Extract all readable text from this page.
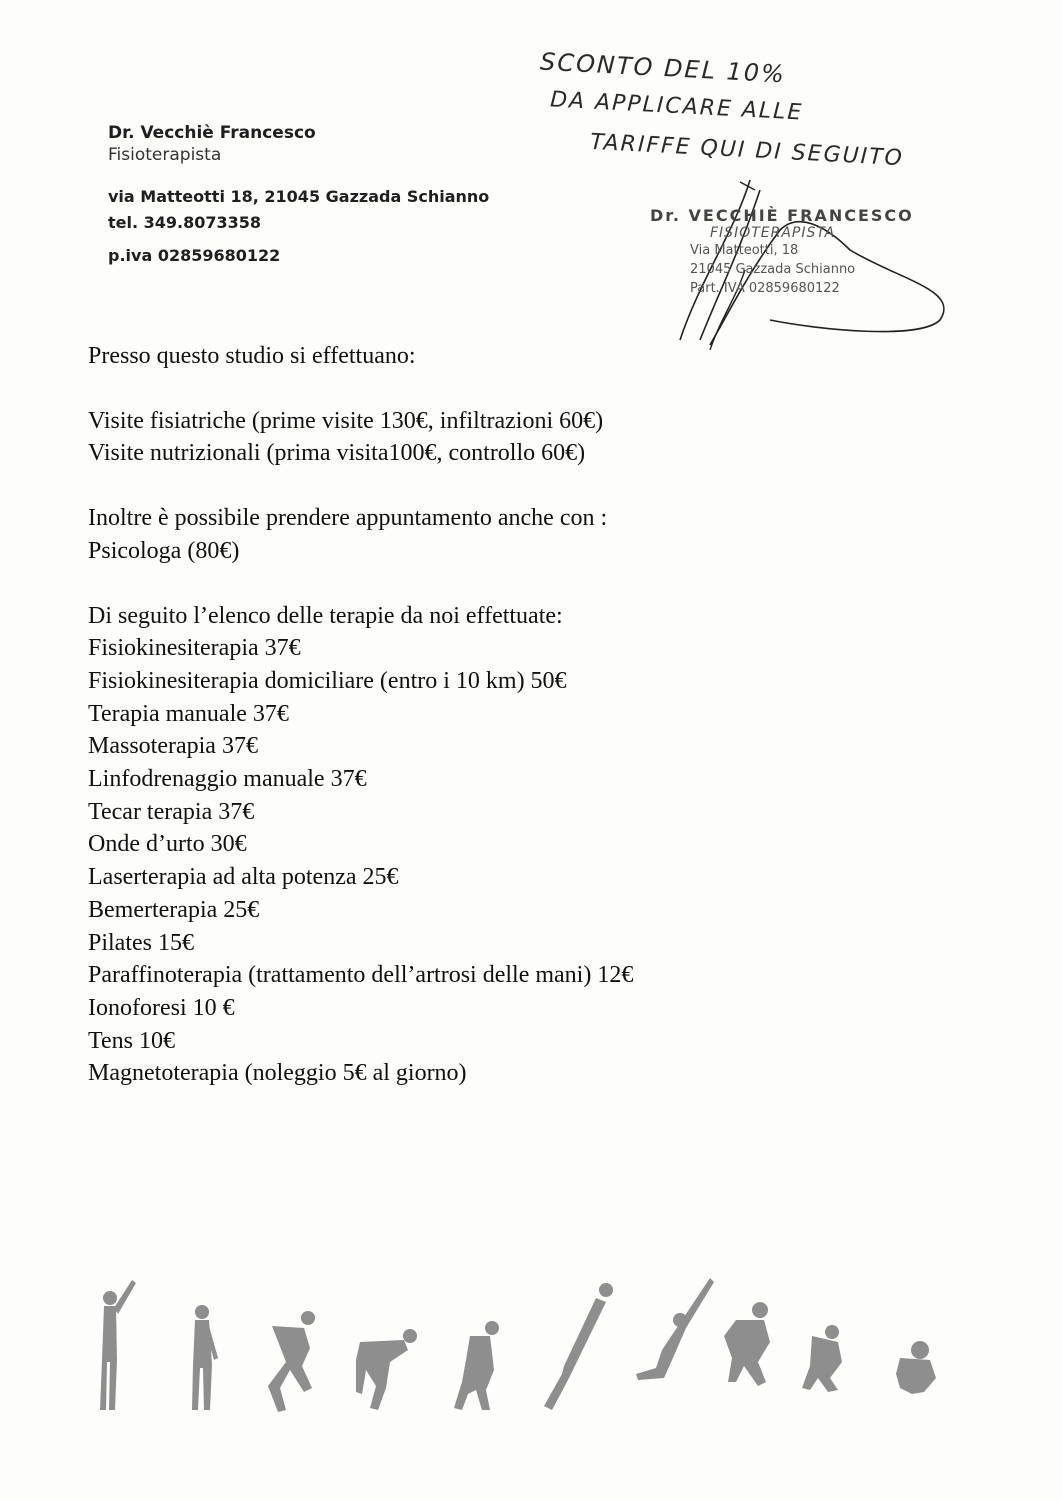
Dr. Vecchiè Francesco
Fisioterapista
via Matteotti 18, 21045 Gazzada Schianno
tel. 349.8073358
p.iva 02859680122
SCONTO DEL 10%
DA APPLICARE ALLE
TARIFFE QUI DI SEGUITO
Dr. VECCHIÈ FRANCESCO
FISIOTERAPISTA
Via Matteotti, 18
21045 Gazzada Schianno
Part. IVA 02859680122
Presso questo studio si effettuano:
Visite fisiatriche (prime visite 130€, infiltrazioni 60€)
Visite nutrizionali (prima visita100€, controllo 60€)
Inoltre è possibile prendere appuntamento anche con :
Psicologa (80€)
Di seguito l’elenco delle terapie da noi effettuate:
Fisiokinesiterapia 37€
Fisiokinesiterapia domiciliare (entro i 10 km) 50€
Terapia manuale 37€
Massoterapia 37€
Linfodrenaggio manuale 37€
Tecar terapia 37€
Onde d’urto 30€
Laserterapia ad alta potenza 25€
Bemerterapia 25€
Pilates 15€
Paraffinoterapia (trattamento dell’artrosi delle mani) 12€
Ionoforesi 10 €
Tens 10€
Magnetoterapia (noleggio 5€ al giorno)
